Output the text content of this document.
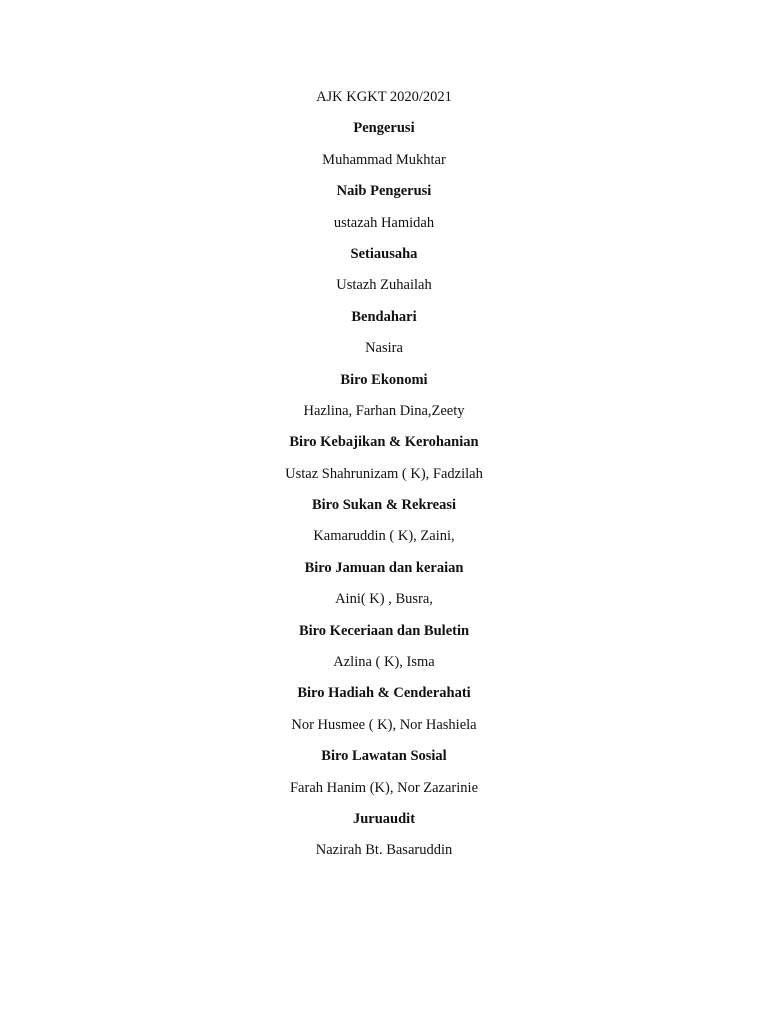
AJK KGKT 2020/2021
Pengerusi
Muhammad Mukhtar
Naib Pengerusi
ustazah Hamidah
Setiausaha
Ustazh Zuhailah
Bendahari
Nasira
Biro Ekonomi
Hazlina, Farhan Dina,Zeety
Biro Kebajikan & Kerohanian
Ustaz Shahrunizam ( K), Fadzilah
Biro Sukan & Rekreasi
Kamaruddin ( K), Zaini,
Biro Jamuan dan keraian
Aini( K) , Busra,
Biro Keceriaan dan Buletin
Azlina ( K), Isma
Biro Hadiah & Cenderahati
Nor Husmee ( K), Nor Hashiela
Biro Lawatan Sosial
Farah Hanim (K), Nor Zazarinie
Juruaudit
Nazirah Bt. Basaruddin
